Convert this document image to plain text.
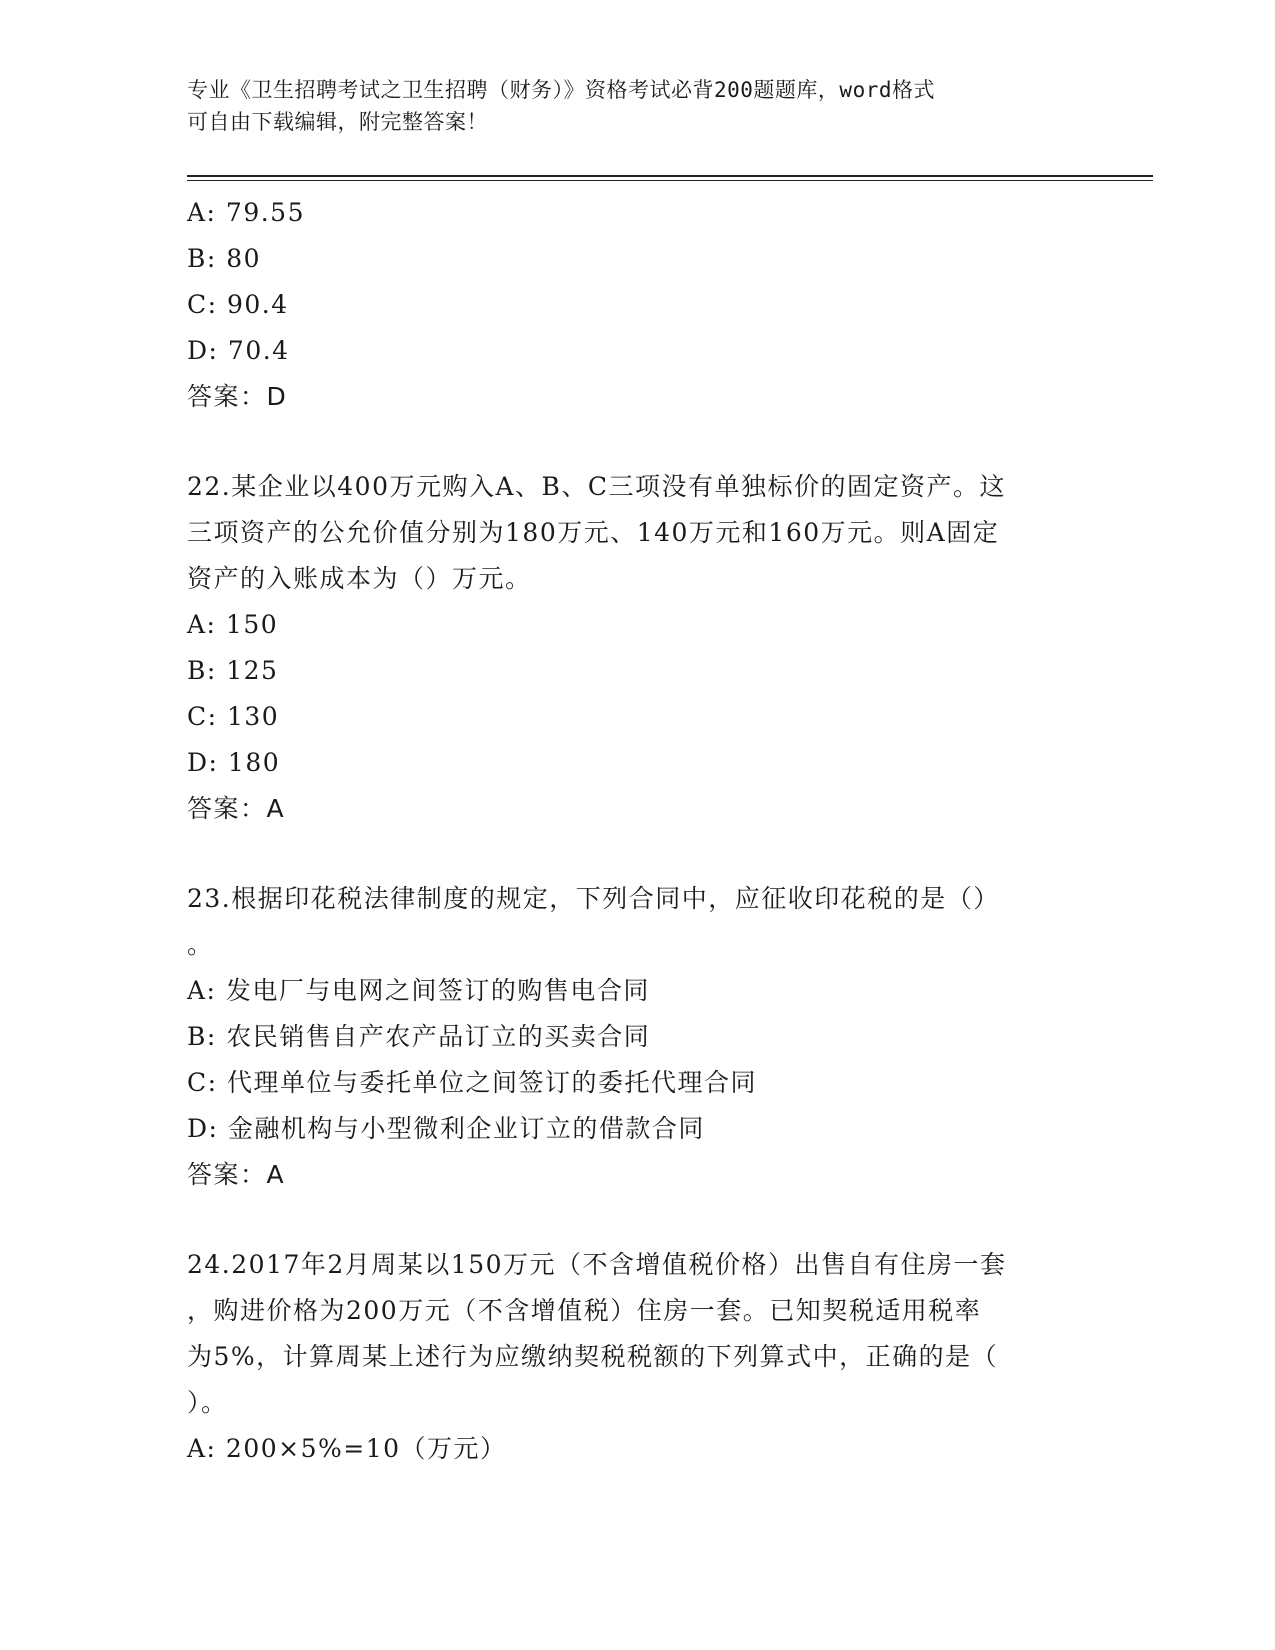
专业《卫生招聘考试之卫生招聘（财务）》资格考试必背200题题库，word格式
可自由下载编辑，附完整答案！
A: 79.55
B: 80
C: 90.4
D: 70.4
答案：D
22.某企业以400万元购入A、B、C三项没有单独标价的固定资产。这
三项资产的公允价值分别为180万元、140万元和160万元。则A固定
资产的入账成本为（）万元。
A: 150
B: 125
C: 130
D: 180
答案：A
23.根据印花税法律制度的规定，下列合同中，应征收印花税的是（）
。
A: 发电厂与电网之间签订的购售电合同
B: 农民销售自产农产品订立的买卖合同
C: 代理单位与委托单位之间签订的委托代理合同
D: 金融机构与小型微利企业订立的借款合同
答案：A
24.2017年2月周某以150万元（不含增值税价格）出售自有住房一套
，购进价格为200万元（不含增值税）住房一套。已知契税适用税率
为5%，计算周某上述行为应缴纳契税税额的下列算式中，正确的是（
）。
A: 200×5%=10（万元）
